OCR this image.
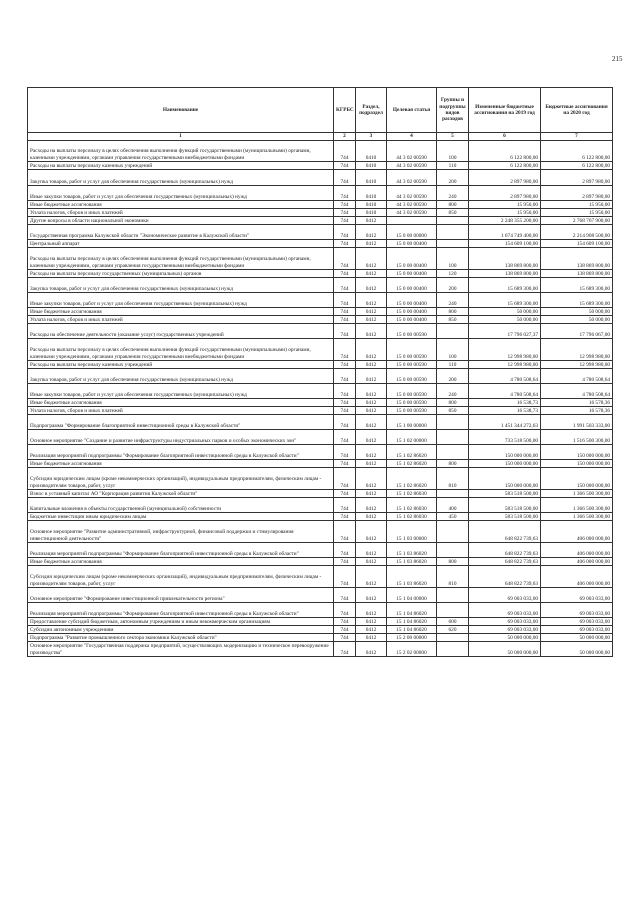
215
Наименование	КГРБС	Раздел, подраздел	Целевая статья	Группы и подгруппы видов расходов	Измененные бюджетные ассигнования на 2019 год	Бюджетные ассигнования на 2020 год
1	2	3	4	5	6	7
Расходы на выплаты персоналу в целях обеспечения выполнения функций государственными (муниципальными) органами, казенными учреждениями, органами управления государственными внебюджетными фондами	744	0410	44 3 02 00590	100	6 122 800,00	6 122 800,00
Расходы на выплаты персоналу казенных учреждений	744	0410	44 3 02 00590	110	6 122 800,00	6 122 800,00
Закупка товаров, работ и услуг для обеспечения государственных (муниципальных) нужд	744	0410	44 3 02 00590	200	2 897 980,00	2 897 980,00
Иные закупки товаров, работ и услуг для обеспечения государственных (муниципальных) нужд	744	0410	44 3 02 00590	240	2 897 980,00	2 897 980,00
Иные бюджетные ассигнования	744	0410	44 3 02 00590	800	15 950,00	15 950,00
Уплата налогов, сборов и иных платежей	744	0410	44 3 02 00590	850	15 950,00	15 950,00
Другие вопросы в области национальной экономики	744	0412			2 248 355 200,00	2 768 767 900,00
Государственная программа Калужской области "Экономическое развитие в Калужской области"	744	0412	15 0 00 00000		1 674 749 400,00	2 214 908 500,00
Центральный аппарат	744	0412	15 0 00 00400		154 609 100,00	154 609 100,00
Расходы на выплаты персоналу в целях обеспечения выполнения функций государственными (муниципальными) органами, казенными учреждениями, органами управления государственными внебюджетными фондами	744	0412	15 0 00 00400	100	138 869 800,00	138 869 800,00
Расходы на выплаты персоналу государственных (муниципальных) органов	744	0412	15 0 00 00400	120	138 869 800,00	138 869 800,00
Закупка товаров, работ и услуг для обеспечения государственных (муниципальных) нужд	744	0412	15 0 00 00400	200	15 689 300,00	15 689 300,00
Иные закупки товаров, работ и услуг для обеспечения государственных (муниципальных) нужд	744	0412	15 0 00 00400	240	15 689 300,00	15 689 300,00
Иные бюджетные ассигнования	744	0412	15 0 00 00400	800	50 000,00	50 000,00
Уплата налогов, сборов и иных платежей	744	0412	15 0 00 00400	850	50 000,00	50 000,00
Расходы на обеспечение деятельности (оказание услуг) государственных учреждений	744	0412	15 0 00 00590		17 796 027,37	17 796 067,00
Расходы на выплаты персоналу в целях обеспечения выполнения функций государственными (муниципальными) органами, казенными учреждениями, органами управления государственными внебюджетными фондами	744	0412	15 0 00 00590	100	12 998 980,00	12 998 980,00
Расходы на выплаты персоналу казенных учреждений	744	0412	15 0 00 00590	110	12 998 980,00	12 998 980,00
Закупка товаров, работ и услуг для обеспечения государственных (муниципальных) нужд	744	0412	15 0 00 00590	200	4 780 508,64	4 780 508,64
Иные закупки товаров, работ и услуг для обеспечения государственных (муниципальных) нужд	744	0412	15 0 00 00590	240	4 780 508,64	4 780 508,64
Иные бюджетные ассигнования	744	0412	15 0 00 00590	800	16 538,73	16 578,36
Уплата налогов, сборов и иных платежей	744	0412	15 0 00 00590	850	16 538,73	16 578,36
Подпрограмма "Формирование благоприятной инвестиционной среды в Калужской области"	744	0412	15 1 00 00000		1 451 344 272,63	1 991 503 333,00
Основное мероприятие "Создание и развитие инфраструктуры индустриальных парков и особых экономических зон"	744	0412	15 1 02 00000		733 518 500,00	1 516 500 300,00
Реализация мероприятий подпрограммы "Формирование благоприятной инвестиционной среды в Калужской области"	744	0412	15 1 02 86020		150 000 000,00	150 000 000,00
Иные бюджетные ассигнования	744	0412	15 1 02 86020	800	150 000 000,00	150 000 000,00
Субсидии юридическим лицам (кроме некоммерческих организаций), индивидуальным предпринимателям, физическим лицам - производителям товаров, работ, услуг	744	0412	15 1 02 86020	810	150 000 000,00	150 000 000,00
Взнос в уставный капитал АО "Корпорация развития Калужской области"	744	0412	15 1 02 86030		583 518 500,00	1 366 500 300,00
Капитальные вложения в объекты государственной (муниципальной) собственности	744	0412	15 1 02 86030	400	583 518 500,00	1 366 500 300,00
Бюджетные инвестиции иным юридическим лицам	744	0412	15 1 02 86030	450	583 518 500,00	1 366 500 300,00
Основное мероприятие "Развитие административной, инфраструктурной, финансовой поддержки и стимулирования инвестиционной деятельности"	744	0412	15 1 03 00000		648 822 739,63	406 000 000,00
Реализация мероприятий подпрограммы "Формирование благоприятной инвестиционной среды в Калужской области"	744	0412	15 1 03 86020		648 822 739,63	406 000 000,00
Иные бюджетные ассигнования	744	0412	15 1 03 86020	800	648 822 739,63	406 000 000,00
Субсидии юридическим лицам (кроме некоммерческих организаций), индивидуальным предпринимателям, физическим лицам - производителям товаров, работ, услуг	744	0412	15 1 03 86020	810	648 822 739,63	406 000 000,00
Основное мероприятие "Формирование инвестиционной привлекательности региона"	744	0412	15 1 04 00000		69 003 033,00	69 003 033,00
Реализация мероприятий подпрограммы "Формирование благоприятной инвестиционной среды в Калужской области"	744	0412	15 1 04 86020		69 003 033,00	69 003 033,00
Предоставление субсидий бюджетным, автономным учреждениям и иным некоммерческим организациям	744	0412	15 1 04 86020	600	69 003 033,00	69 003 033,00
Субсидии автономным учреждениям	744	0412	15 1 04 86020	620	69 003 033,00	69 003 033,00
Подпрограмма "Развитие промышленного сектора экономики Калужской области"	744	0412	15 2 00 00000		50 000 000,00	50 000 000,00
Основное мероприятие "Государственная поддержка предприятий, осуществляющих модернизацию и техническое перевооружение производства"	744	0412	15 2 02 00000		50 000 000,00	50 000 000,00
